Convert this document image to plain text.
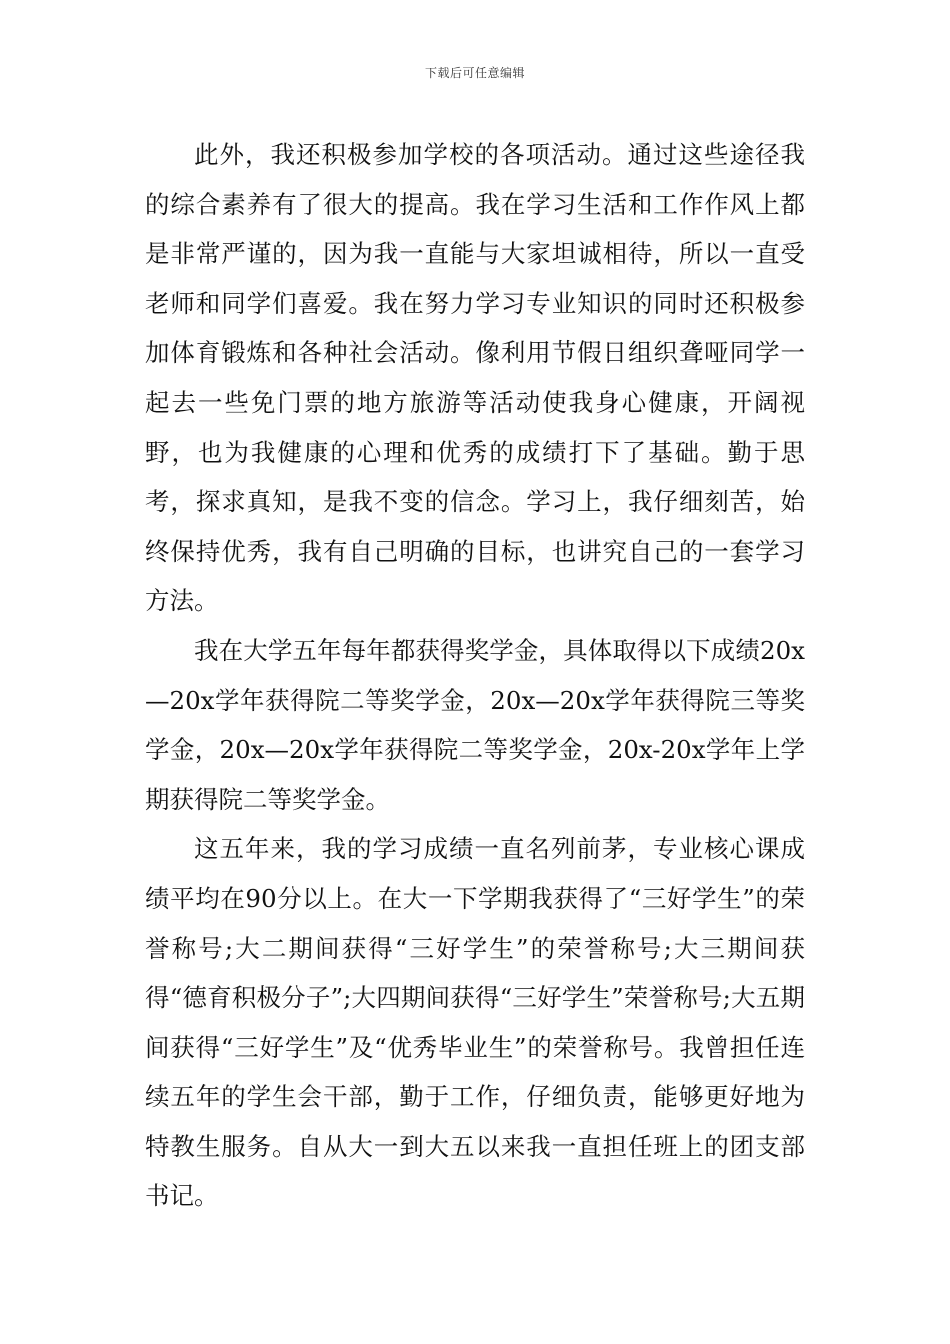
下载后可任意编辑

此外，我还积极参加学校的各项活动。通过这些途径我的综合素养有了很大的提高。我在学习生活和工作作风上都是非常严谨的，因为我一直能与大家坦诚相待，所以一直受老师和同学们喜爱。我在努力学习专业知识的同时还积极参加体育锻炼和各种社会活动。像利用节假日组织聋哑同学一起去一些免门票的地方旅游等活动使我身心健康，开阔视野，也为我健康的心理和优秀的成绩打下了基础。勤于思考，探求真知，是我不变的信念。学习上，我仔细刻苦，始终保持优秀，我有自己明确的目标，也讲究自己的一套学习方法。

我在大学五年每年都获得奖学金，具体取得以下成绩20x—20x学年获得院二等奖学金，20x—20x学年获得院三等奖学金，20x—20x学年获得院二等奖学金，20x-20x学年上学期获得院二等奖学金。

这五年来，我的学习成绩一直名列前茅，专业核心课成绩平均在90分以上。在大一下学期我获得了“三好学生”的荣誉称号;大二期间获得“三好学生”的荣誉称号;大三期间获得“德育积极分子”;大四期间获得“三好学生”荣誉称号;大五期间获得“三好学生”及“优秀毕业生”的荣誉称号。我曾担任连续五年的学生会干部，勤于工作，仔细负责，能够更好地为特教生服务。自从大一到大五以来我一直担任班上的团支部书记。
